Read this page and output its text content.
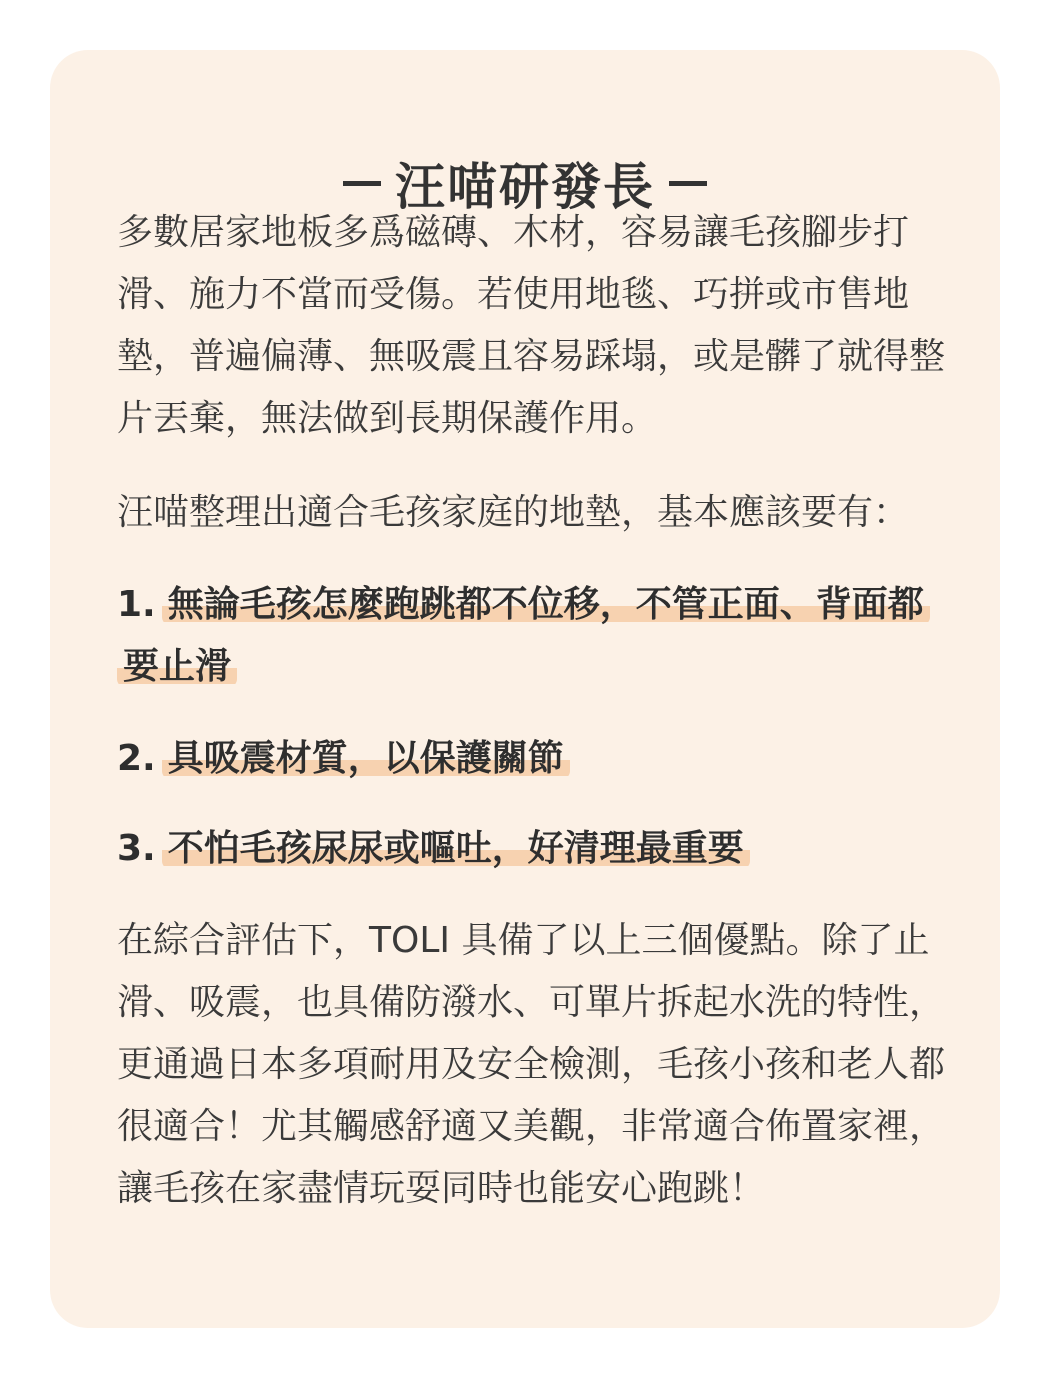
汪喵研發長

多數居家地板多爲磁磚、木材，容易讓毛孩腳步打滑、施力不當而受傷。若使用地毯、巧拼或市售地墊，普遍偏薄、無吸震且容易踩塌，或是髒了就得整片丟棄，無法做到長期保護作用。

汪喵整理出適合毛孩家庭的地墊，基本應該要有：

1. 無論毛孩怎麼跑跳都不位移，不管正面、背面都要止滑

2. 具吸震材質，以保護關節

3. 不怕毛孩尿尿或嘔吐，好清理最重要

在綜合評估下，TOLI 具備了以上三個優點。除了止滑、吸震，也具備防潑水、可單片拆起水洗的特性，更通過日本多項耐用及安全檢測，毛孩小孩和老人都很適合！尤其觸感舒適又美觀，非常適合佈置家裡，讓毛孩在家盡情玩耍同時也能安心跑跳！
